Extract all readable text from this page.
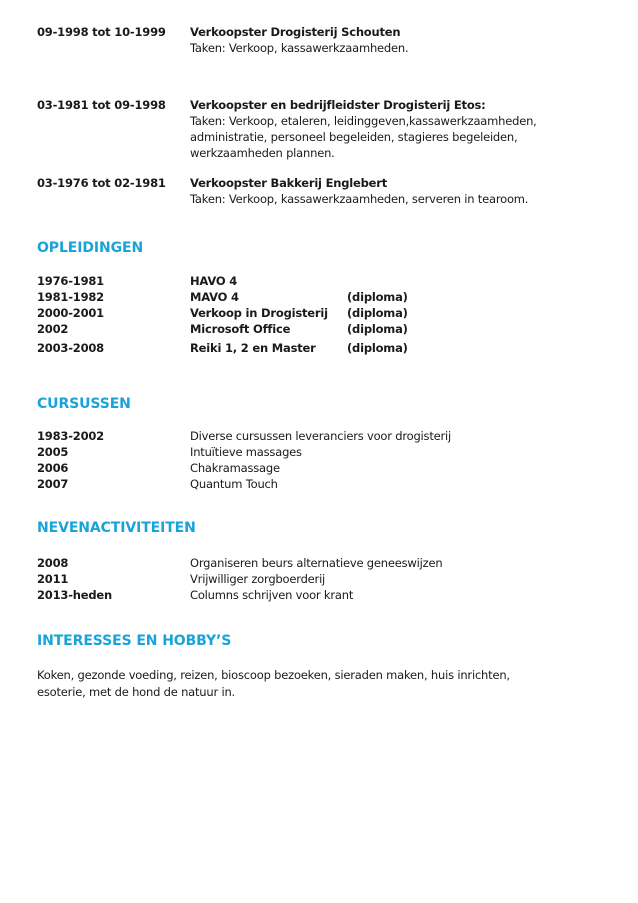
09-1998 tot 10-1999 Verkoopster Drogisterij Schouten
Taken: Verkoop, kassawerkzaamheden.
03-1981 tot 09-1998 Verkoopster en bedrijfleidster Drogisterij Etos:
Taken: Verkoop, etaleren, leidinggeven,kassawerkzaamheden,
administratie, personeel begeleiden, stagieres begeleiden,
werkzaamheden plannen.
03-1976 tot 02-1981 Verkoopster Bakkerij Englebert
Taken: Verkoop, kassawerkzaamheden, serveren in tearoom.
OPLEIDINGEN
1976-1981	HAVO 4
1981-1982	MAVO 4	(diploma)
2000-2001	Verkoop in Drogisterij	(diploma)
2002	Microsoft Office	(diploma)
2003-2008	Reiki 1, 2 en Master	(diploma)
CURSUSSEN
1983-2002	Diverse cursussen leveranciers voor drogisterij
2005	Intuïtieve massages
2006	Chakramassage
2007	Quantum Touch
NEVENACTIVITEITEN
2008	Organiseren beurs alternatieve geneeswijzen
2011	Vrijwilliger zorgboerderij
2013-heden	Columns schrijven voor krant
INTERESSES EN HOBBY’S
Koken, gezonde voeding, reizen, bioscoop bezoeken, sieraden maken, huis inrichten,
esoterie, met de hond de natuur in.
